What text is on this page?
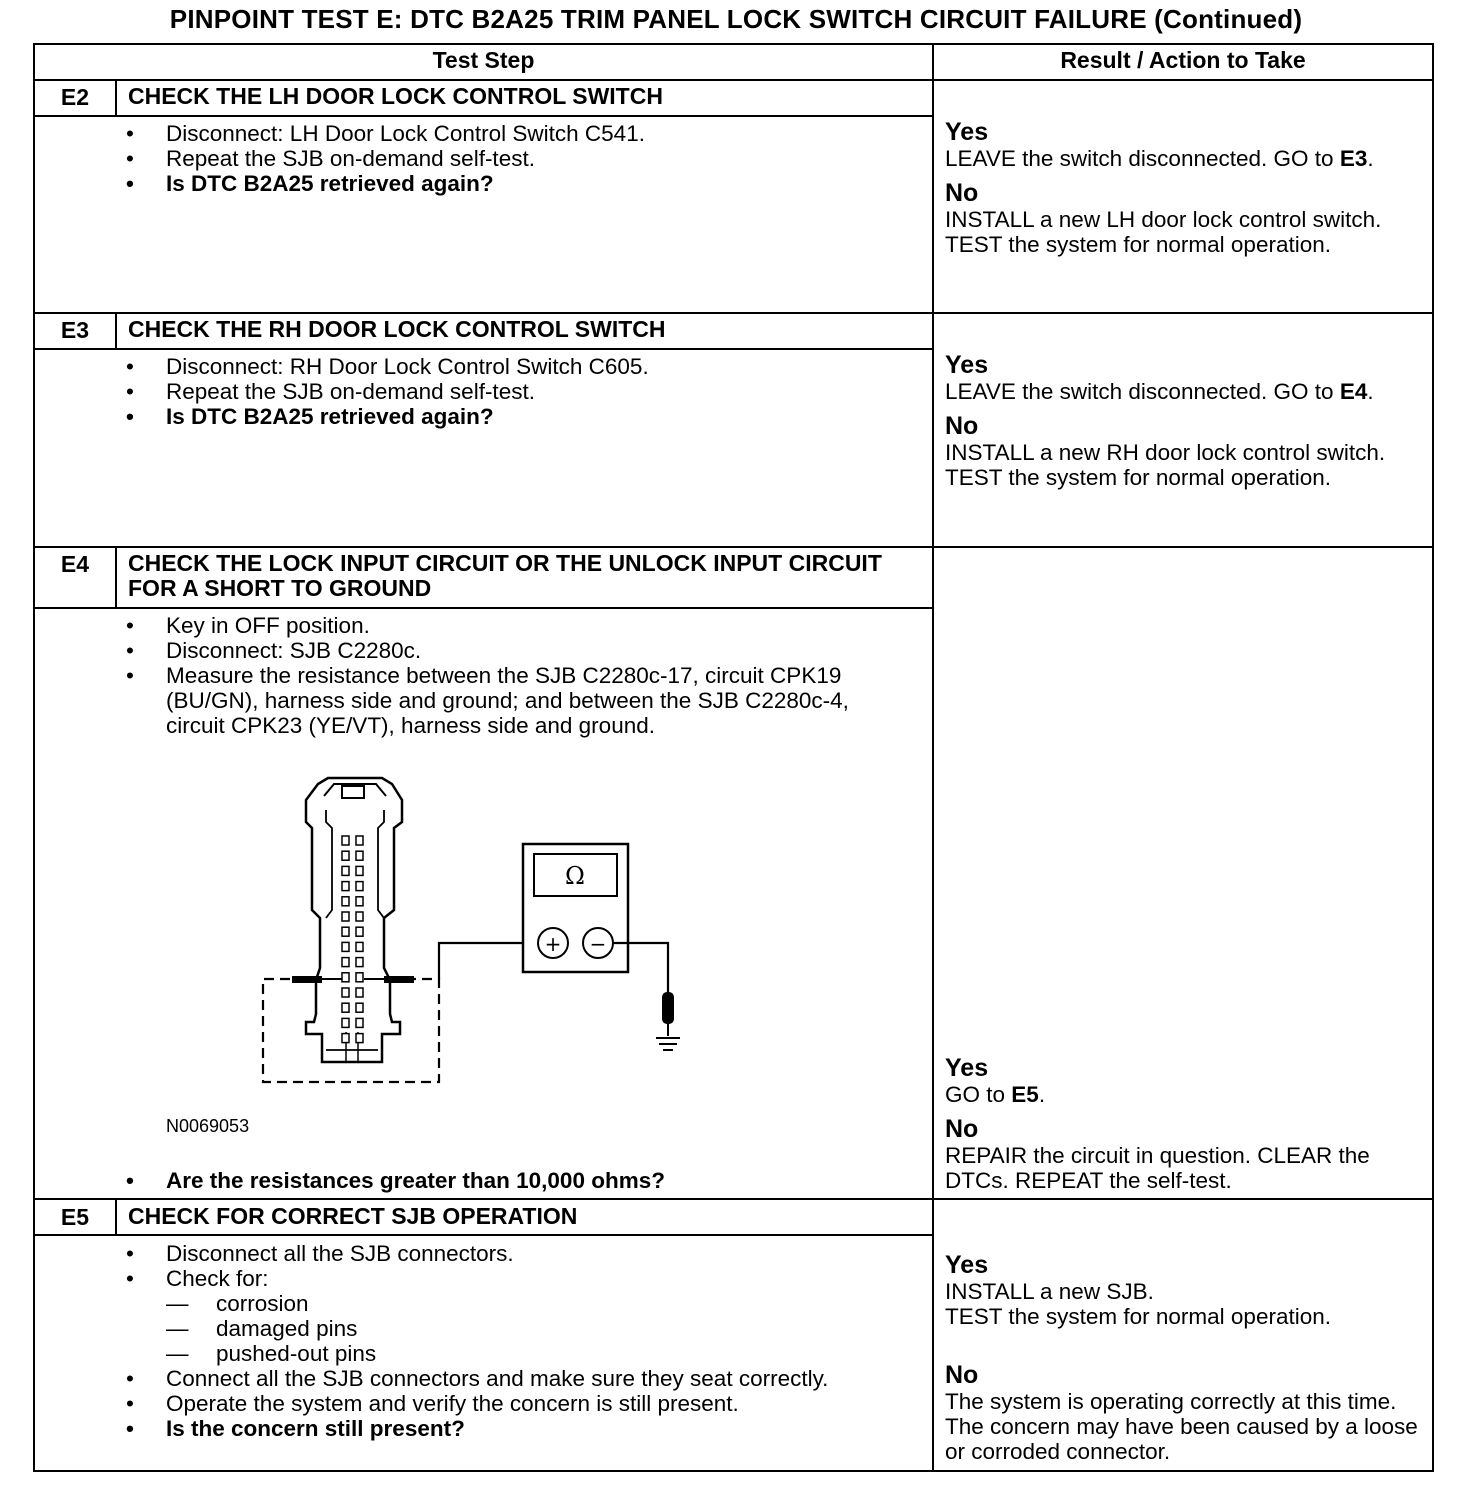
PINPOINT TEST E: DTC B2A25 TRIM PANEL LOCK SWITCH CIRCUIT FAILURE (Continued)
Test Step	Result / Action to Take
E2	CHECK THE LH DOOR LOCK CONTROL SWITCH
• Disconnect: LH Door Lock Control Switch C541.
• Repeat the SJB on-demand self-test.
• Is DTC B2A25 retrieved again?
Yes
LEAVE the switch disconnected. GO to E3.
No
INSTALL a new LH door lock control switch. TEST the system for normal operation.
E3	CHECK THE RH DOOR LOCK CONTROL SWITCH
• Disconnect: RH Door Lock Control Switch C605.
• Repeat the SJB on-demand self-test.
• Is DTC B2A25 retrieved again?
Yes
LEAVE the switch disconnected. GO to E4.
No
INSTALL a new RH door lock control switch. TEST the system for normal operation.
E4	CHECK THE LOCK INPUT CIRCUIT OR THE UNLOCK INPUT CIRCUIT FOR A SHORT TO GROUND
• Key in OFF position.
• Disconnect: SJB C2280c.
• Measure the resistance between the SJB C2280c-17, circuit CPK19 (BU/GN), harness side and ground; and between the SJB C2280c-4, circuit CPK23 (YE/VT), harness side and ground.
Ω
+ −
N0069053
• Are the resistances greater than 10,000 ohms?
Yes
GO to E5.
No
REPAIR the circuit in question. CLEAR the DTCs. REPEAT the self-test.
E5	CHECK FOR CORRECT SJB OPERATION
• Disconnect all the SJB connectors.
• Check for:
— corrosion
— damaged pins
— pushed-out pins
• Connect all the SJB connectors and make sure they seat correctly.
• Operate the system and verify the concern is still present.
• Is the concern still present?
Yes
INSTALL a new SJB.
TEST the system for normal operation.
No
The system is operating correctly at this time. The concern may have been caused by a loose or corroded connector.
